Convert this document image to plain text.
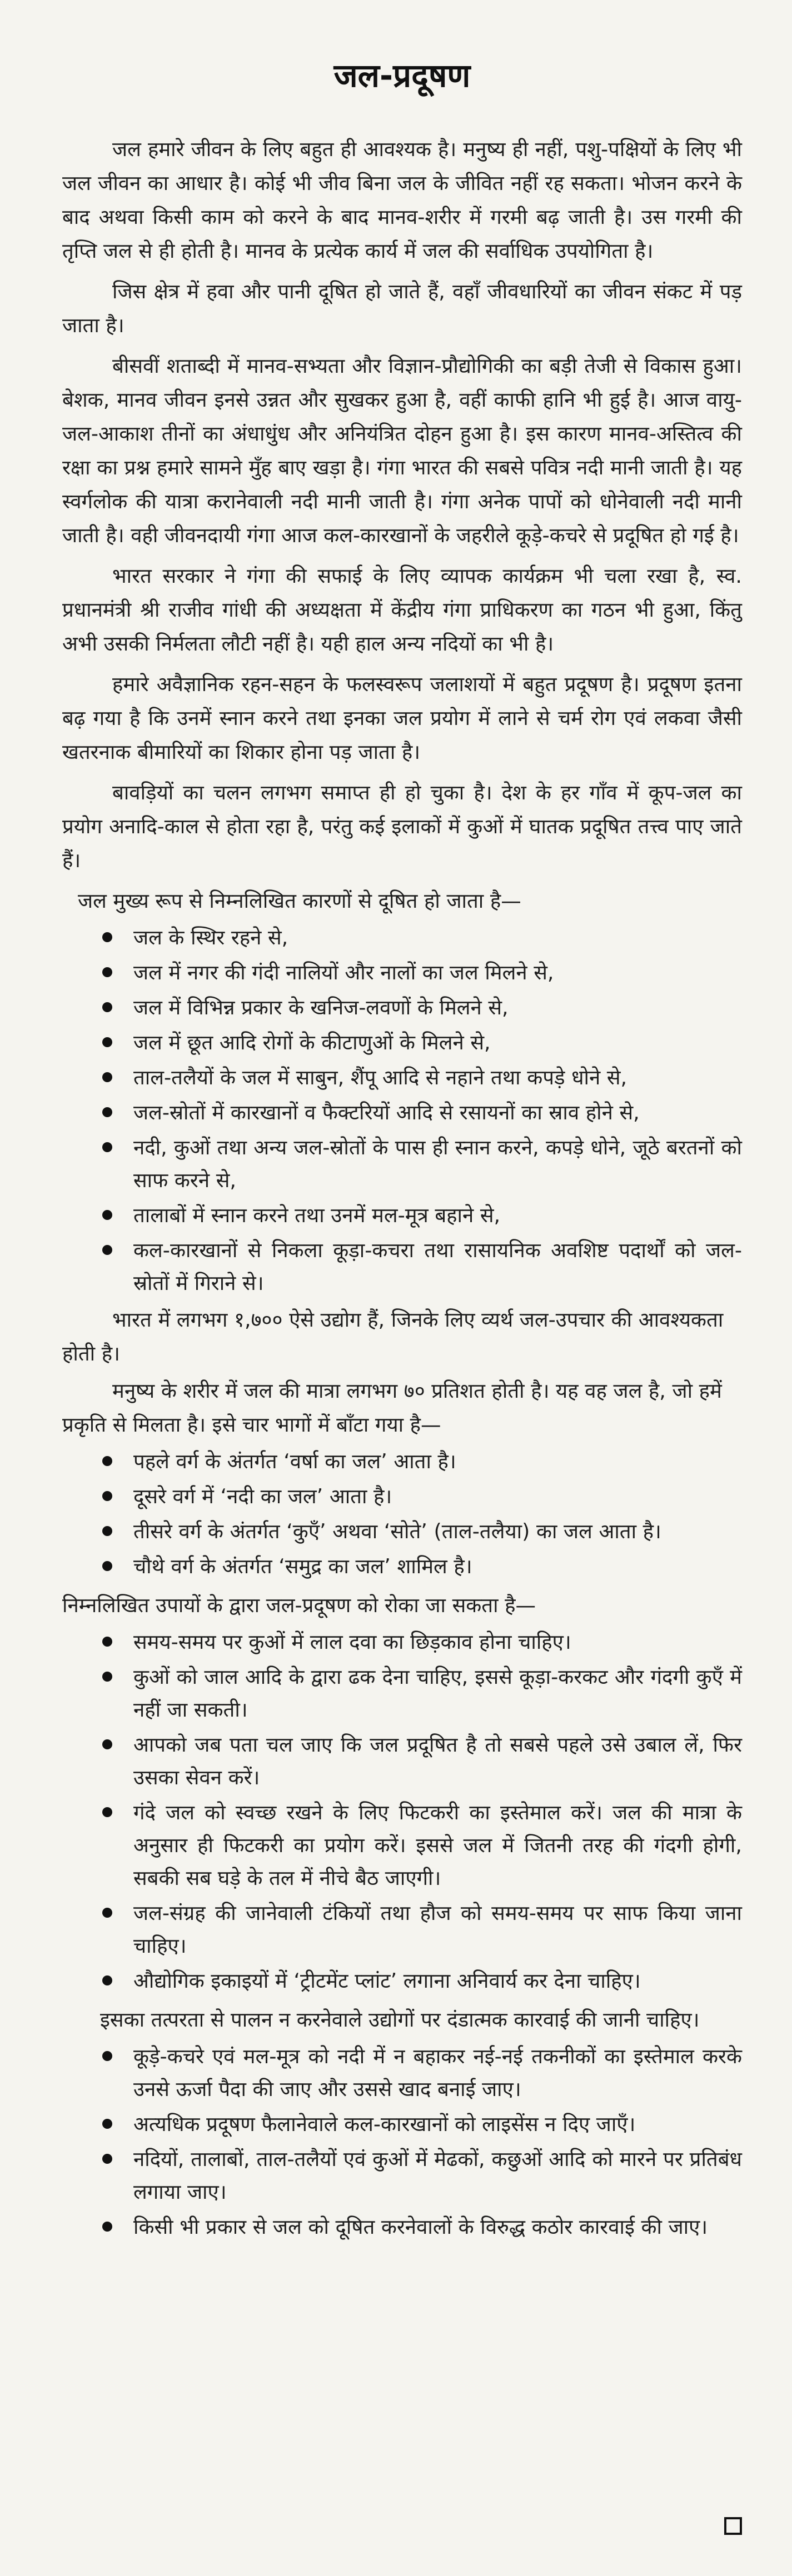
जल-प्रदूषण

जल हमारे जीवन के लिए बहुत ही आवश्यक है। मनुष्य ही नहीं, पशु-पक्षियों के लिए भी जल जीवन का आधार है। कोई भी जीव बिना जल के जीवित नहीं रह सकता। भोजन करने के बाद अथवा किसी काम को करने के बाद मानव-शरीर में गरमी बढ़ जाती है। उस गरमी की तृप्ति जल से ही होती है। मानव के प्रत्येक कार्य में जल की सर्वाधिक उपयोगिता है।

जिस क्षेत्र में हवा और पानी दूषित हो जाते हैं, वहाँ जीवधारियों का जीवन संकट में पड़ जाता है।

बीसवीं शताब्दी में मानव-सभ्यता और विज्ञान-प्रौद्योगिकी का बड़ी तेजी से विकास हुआ। बेशक, मानव जीवन इनसे उन्नत और सुखकर हुआ है, वहीं काफी हानि भी हुई है। आज वायु-जल-आकाश तीनों का अंधाधुंध और अनियंत्रित दोहन हुआ है। इस कारण मानव-अस्तित्व की रक्षा का प्रश्न हमारे सामने मुँह बाए खड़ा है। गंगा भारत की सबसे पवित्र नदी मानी जाती है। यह स्वर्गलोक की यात्रा करानेवाली नदी मानी जाती है। गंगा अनेक पापों को धोनेवाली नदी मानी जाती है। वही जीवनदायी गंगा आज कल-कारखानों के जहरीले कूड़े-कचरे से प्रदूषित हो गई है।

भारत सरकार ने गंगा की सफाई के लिए व्यापक कार्यक्रम भी चला रखा है, स्व. प्रधानमंत्री श्री राजीव गांधी की अध्यक्षता में केंद्रीय गंगा प्राधिकरण का गठन भी हुआ, किंतु अभी उसकी निर्मलता लौटी नहीं है। यही हाल अन्य नदियों का भी है।

हमारे अवैज्ञानिक रहन-सहन के फलस्वरूप जलाशयों में बहुत प्रदूषण है। प्रदूषण इतना बढ़ गया है कि उनमें स्नान करने तथा इनका जल प्रयोग में लाने से चर्म रोग एवं लकवा जैसी खतरनाक बीमारियों का शिकार होना पड़ जाता है।

बावड़ियों का चलन लगभग समाप्त ही हो चुका है। देश के हर गाँव में कूप-जल का प्रयोग अनादि-काल से होता रहा है, परंतु कई इलाकों में कुओं में घातक प्रदूषित तत्त्व पाए जाते हैं।

जल मुख्य रूप से निम्नलिखित कारणों से दूषित हो जाता है—

जल के स्थिर रहने से,
जल में नगर की गंदी नालियों और नालों का जल मिलने से,
जल में विभिन्न प्रकार के खनिज-लवणों के मिलने से,
जल में छूत आदि रोगों के कीटाणुओं के मिलने से,
ताल-तलैयों के जल में साबुन, शैंपू आदि से नहाने तथा कपड़े धोने से,
जल-स्रोतों में कारखानों व फैक्टरियों आदि से रसायनों का स्राव होने से,
नदी, कुओं तथा अन्य जल-स्रोतों के पास ही स्नान करने, कपड़े धोने, जूठे बरतनों को साफ करने से,
तालाबों में स्नान करने तथा उनमें मल-मूत्र बहाने से,
कल-कारखानों से निकला कूड़ा-कचरा तथा रासायनिक अवशिष्ट पदार्थों को जल-स्रोतों में गिराने से।

भारत में लगभग १,७०० ऐसे उद्योग हैं, जिनके लिए व्यर्थ जल-उपचार की आवश्यकता होती है।

मनुष्य के शरीर में जल की मात्रा लगभग ७० प्रतिशत होती है। यह वह जल है, जो हमें प्रकृति से मिलता है। इसे चार भागों में बाँटा गया है—

पहले वर्ग के अंतर्गत ‘वर्षा का जल’ आता है।
दूसरे वर्ग में ‘नदी का जल’ आता है।
तीसरे वर्ग के अंतर्गत ‘कुएँ’ अथवा ‘सोते’ (ताल-तलैया) का जल आता है।
चौथे वर्ग के अंतर्गत ‘समुद्र का जल’ शामिल है।

निम्नलिखित उपायों के द्वारा जल-प्रदूषण को रोका जा सकता है—

समय-समय पर कुओं में लाल दवा का छिड़काव होना चाहिए।
कुओं को जाल आदि के द्वारा ढक देना चाहिए, इससे कूड़ा-करकट और गंदगी कुएँ में नहीं जा सकती।
आपको जब पता चल जाए कि जल प्रदूषित है तो सबसे पहले उसे उबाल लें, फिर उसका सेवन करें।
गंदे जल को स्वच्छ रखने के लिए फिटकरी का इस्तेमाल करें। जल की मात्रा के अनुसार ही फिटकरी का प्रयोग करें। इससे जल में जितनी तरह की गंदगी होगी, सबकी सब घड़े के तल में नीचे बैठ जाएगी।
जल-संग्रह की जानेवाली टंकियों तथा हौज को समय-समय पर साफ किया जाना चाहिए।
औद्योगिक इकाइयों में ‘ट्रीटमेंट प्लांट’ लगाना अनिवार्य कर देना चाहिए।

इसका तत्परता से पालन न करनेवाले उद्योगों पर दंडात्मक कारवाई की जानी चाहिए।

कूड़े-कचरे एवं मल-मूत्र को नदी में न बहाकर नई-नई तकनीकों का इस्तेमाल करके उनसे ऊर्जा पैदा की जाए और उससे खाद बनाई जाए।
अत्यधिक प्रदूषण फैलानेवाले कल-कारखानों को लाइसेंस न दिए जाएँ।
नदियों, तालाबों, ताल-तलैयों एवं कुओं में मेढकों, कछुओं आदि को मारने पर प्रतिबंध लगाया जाए।
किसी भी प्रकार से जल को दूषित करनेवालों के विरुद्ध कठोर कारवाई की जाए।
